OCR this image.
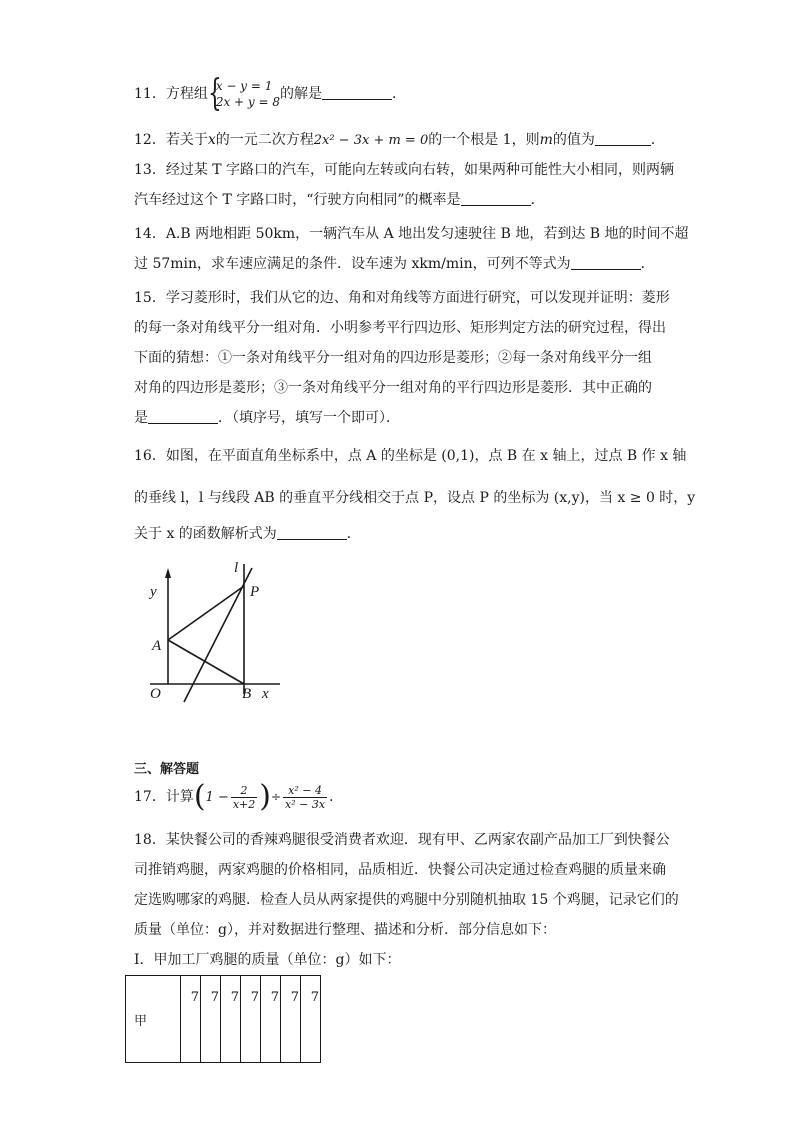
11．方程组 {
x − y = 1
2x + y = 8 的解是	．
12．若关于x的一元二次方程2x² − 3x + m = 0的一个根是 1，则m的值为	．
13．经过某 T 字路口的汽车，可能向左转或向右转，如果两种可能性大小相同，则两辆
汽车经过这个 T 字路口时，“行驶方向相同”的概率是	．
14．A.B 两地相距 50km，一辆汽车从 A 地出发匀速驶往 B 地，若到达 B 地的时间不超
过 57min，求车速应满足的条件．设车速为 xkm/min，可列不等式为	．
15．学习菱形时，我们从它的边、角和对角线等方面进行研究，可以发现并证明：菱形
的每一条对角线平分一组对角．小明参考平行四边形、矩形判定方法的研究过程，得出
下面的猜想：①一条对角线平分一组对角的四边形是菱形；②每一条对角线平分一组
对角的四边形是菱形；③一条对角线平分一组对角的平行四边形是菱形．其中正确的
是	．（填序号，填写一个即可）．
16．如图，在平面直角坐标系中，点 A 的坐标是 (0,1)，点 B 在 x 轴上，过点 B 作 x 轴
的垂线 l，l 与线段 AB 的垂直平分线相交于点 P，设点 P 的坐标为 (x,y)，当 x ≥ 0 时，y
关于 x 的函数解析式为	．
y
l
P
A
O	B x
三、解答题
17．计算($1 - \frac{2}{x+2}$ )÷ $\frac{\text{x² − 4}}{\text{x² − 3x}}$ ．
18．某快餐公司的香辣鸡腿很受消费者欢迎．现有甲、乙两家农副产品加工厂到快餐公
司推销鸡腿，两家鸡腿的价格相同，品质相近．快餐公司决定通过检查鸡腿的质量来确
定选购哪家的鸡腿．检查人员从两家提供的鸡腿中分别随机抽取 15 个鸡腿，记录它们的
质量（单位：g），并对数据进行整理、描述和分析．部分信息如下：
Ⅰ．甲加工厂鸡腿的质量（单位：g）如下：
甲	7	7	7	7	7	7	7
